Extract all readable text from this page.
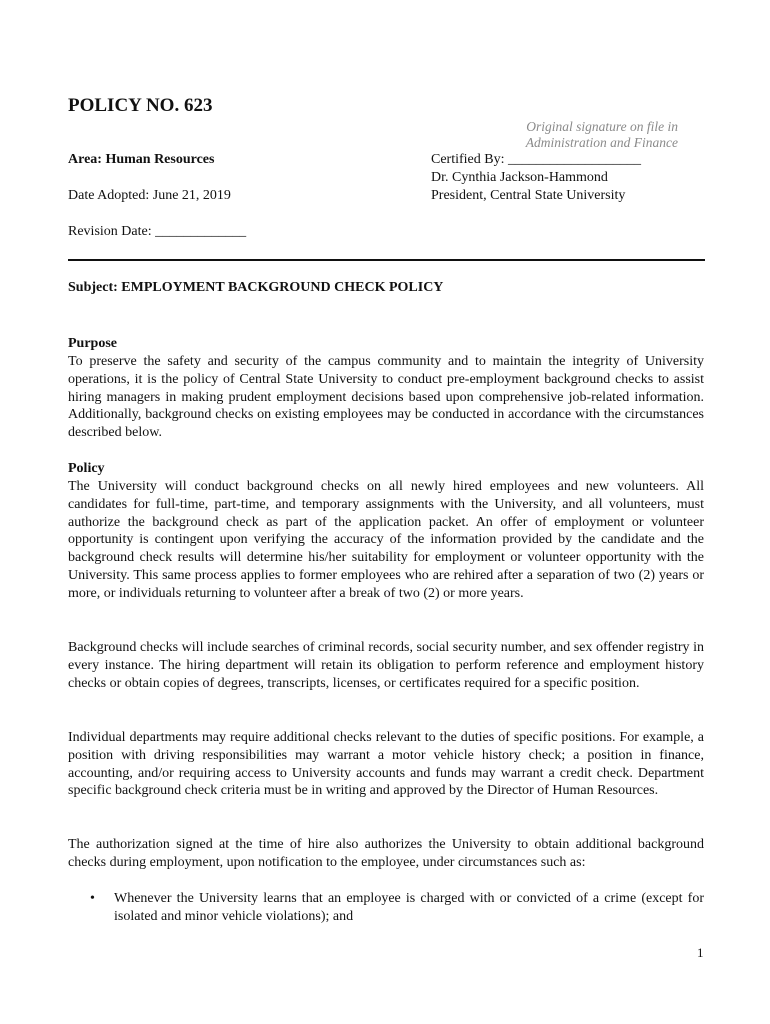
POLICY NO. 623
Original signature on file in
Administration and Finance
Area: Human Resources
Date Adopted: June 21, 2019
Revision Date: _____________
Certified By: ___________________
Dr. Cynthia Jackson-Hammond
President, Central State University
Subject: EMPLOYMENT BACKGROUND CHECK POLICY
Purpose
To preserve the safety and security of the campus community and to maintain the integrity of University operations, it is the policy of Central State University to conduct pre-employment background checks to assist hiring managers in making prudent employment decisions based upon comprehensive job-related information. Additionally, background checks on existing employees may be conducted in accordance with the circumstances described below.
Policy
The University will conduct background checks on all newly hired employees and new volunteers. All candidates for full-time, part-time, and temporary assignments with the University, and all volunteers, must authorize the background check as part of the application packet. An offer of employment or volunteer opportunity is contingent upon verifying the accuracy of the information provided by the candidate and the background check results will determine his/her suitability for employment or volunteer opportunity with the University. This same process applies to former employees who are rehired after a separation of two (2) years or more, or individuals returning to volunteer after a break of two (2) or more years.
Background checks will include searches of criminal records, social security number, and sex offender registry in every instance. The hiring department will retain its obligation to perform reference and employment history checks or obtain copies of degrees, transcripts, licenses, or certificates required for a specific position.
Individual departments may require additional checks relevant to the duties of specific positions. For example, a position with driving responsibilities may warrant a motor vehicle history check; a position in finance, accounting, and/or requiring access to University accounts and funds may warrant a credit check. Department specific background check criteria must be in writing and approved by the Director of Human Resources.
The authorization signed at the time of hire also authorizes the University to obtain additional background checks during employment, upon notification to the employee, under circumstances such as:
• Whenever the University learns that an employee is charged with or convicted of a crime (except for isolated and minor vehicle violations); and
1
